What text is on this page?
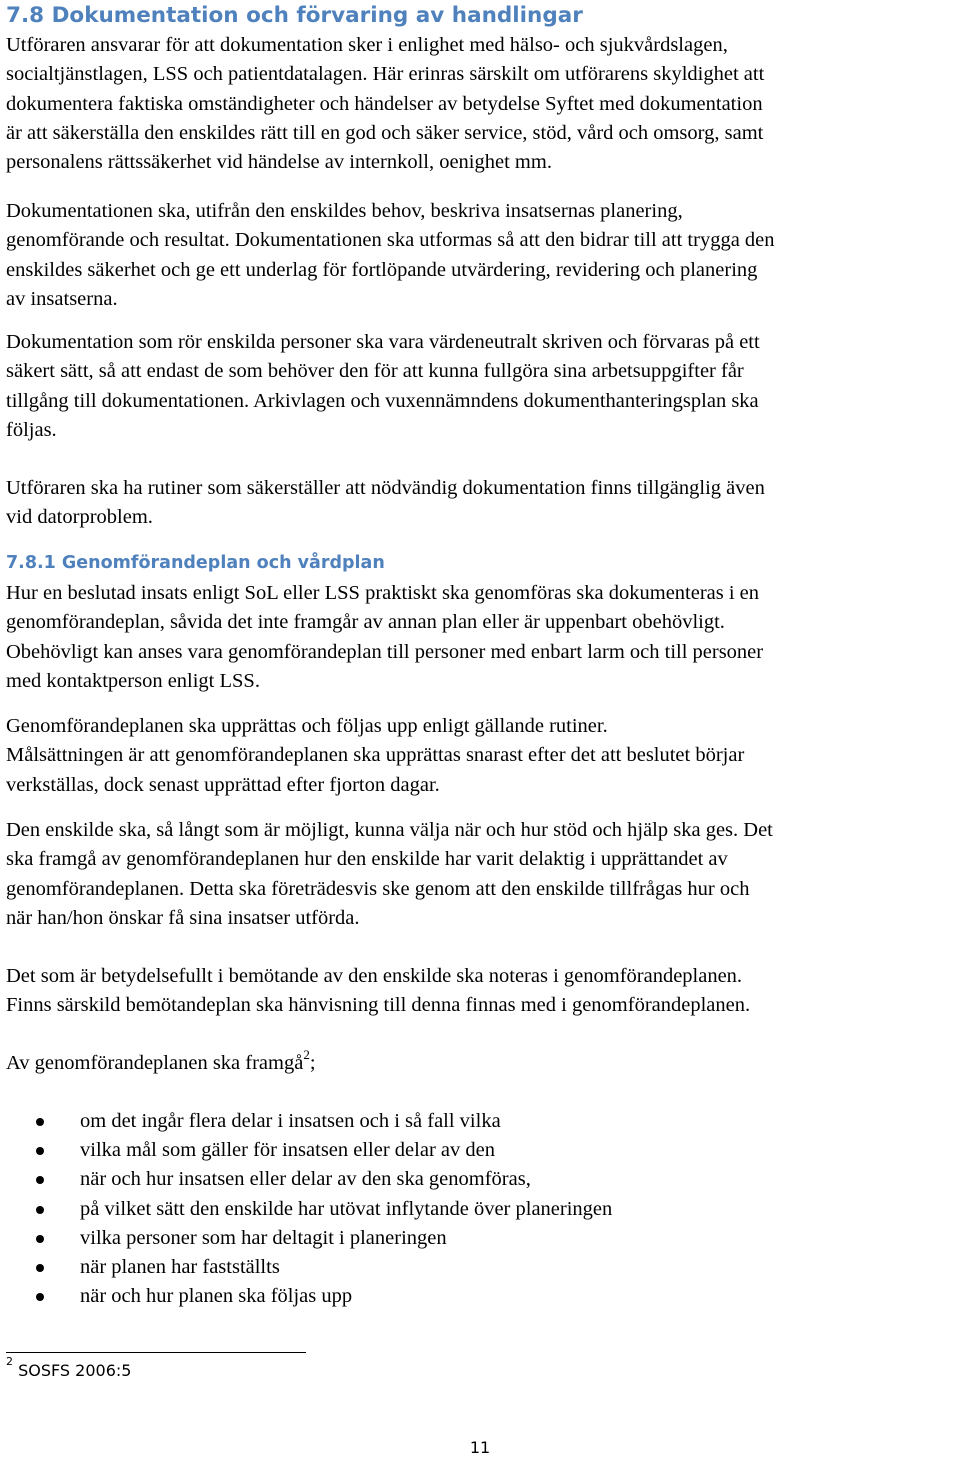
7.8 Dokumentation och förvaring av handlingar

Utföraren ansvarar för att dokumentation sker i enlighet med hälso- och sjukvårdslagen,
socialtjänstlagen, LSS och patientdatalagen. Här erinras särskilt om utförarens skyldighet att
dokumentera faktiska omständigheter och händelser av betydelse Syftet med dokumentation
är att säkerställa den enskildes rätt till en god och säker service, stöd, vård och omsorg, samt
personalens rättssäkerhet vid händelse av internkoll, oenighet mm.

Dokumentationen ska, utifrån den enskildes behov, beskriva insatsernas planering,
genomförande och resultat. Dokumentationen ska utformas så att den bidrar till att trygga den
enskildes säkerhet och ge ett underlag för fortlöpande utvärdering, revidering och planering
av insatserna.

Dokumentation som rör enskilda personer ska vara värdeneutralt skriven och förvaras på ett
säkert sätt, så att endast de som behöver den för att kunna fullgöra sina arbetsuppgifter får
tillgång till dokumentationen. Arkivlagen och vuxennämndens dokumenthanteringsplan ska
följas.

Utföraren ska ha rutiner som säkerställer att nödvändig dokumentation finns tillgänglig även
vid datorproblem.

7.8.1 Genomförandeplan och vårdplan

Hur en beslutad insats enligt SoL eller LSS praktiskt ska genomföras ska dokumenteras i en
genomförandeplan, såvida det inte framgår av annan plan eller är uppenbart obehövligt.
Obehövligt kan anses vara genomförandeplan till personer med enbart larm och till personer
med kontaktperson enligt LSS.

Genomförandeplanen ska upprättas och följas upp enligt gällande rutiner.
Målsättningen är att genomförandeplanen ska upprättas snarast efter det att beslutet börjar
verkställas, dock senast upprättad efter fjorton dagar.

Den enskilde ska, så långt som är möjligt, kunna välja när och hur stöd och hjälp ska ges. Det
ska framgå av genomförandeplanen hur den enskilde har varit delaktig i upprättandet av
genomförandeplanen. Detta ska företrädesvis ske genom att den enskilde tillfrågas hur och
när han/hon önskar få sina insatser utförda.

Det som är betydelsefullt i bemötande av den enskilde ska noteras i genomförandeplanen.
Finns särskild bemötandeplan ska hänvisning till denna finnas med i genomförandeplanen.

Av genomförandeplanen ska framgå$^2$;

om det ingår flera delar i insatsen och i så fall vilka
vilka mål som gäller för insatsen eller delar av den
när och hur insatsen eller delar av den ska genomföras,
på vilket sätt den enskilde har utövat inflytande över planeringen
vilka personer som har deltagit i planeringen
när planen har fastställts
när och hur planen ska följas upp

$^2$ SOSFS 2006:5

11
